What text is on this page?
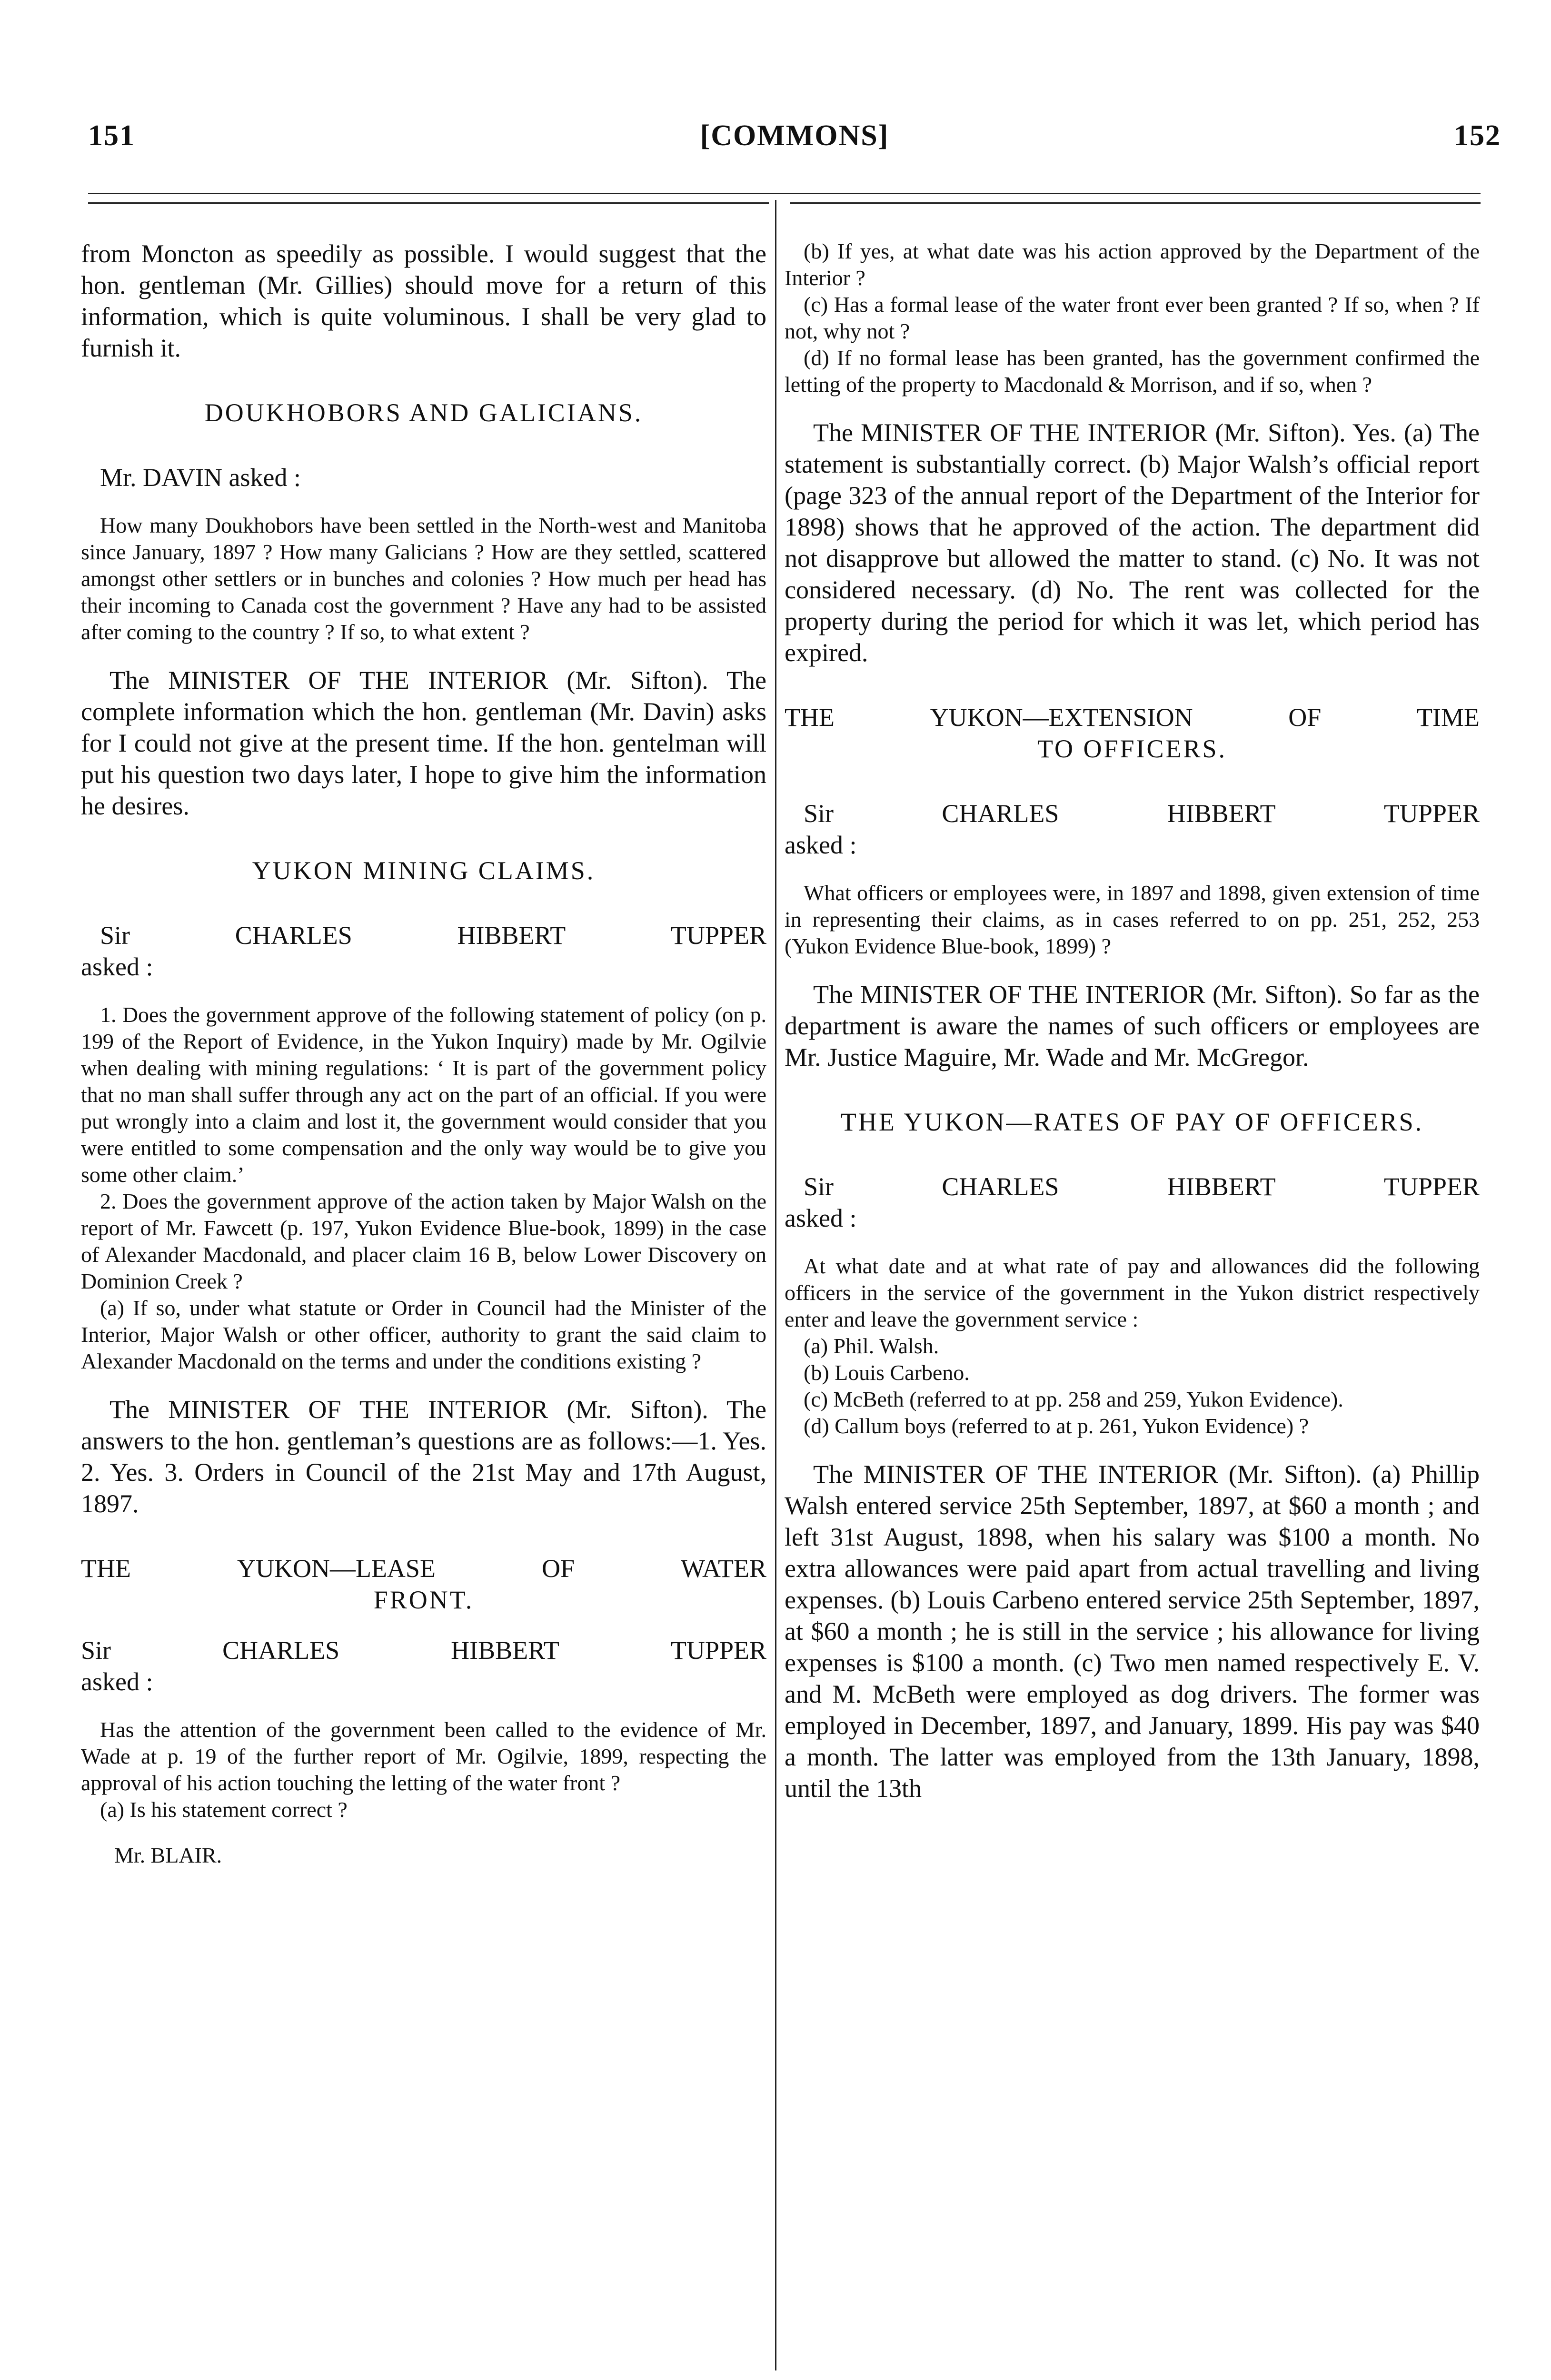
151	[COMMONS]	152

from Moncton as speedily as possible. I would suggest that the hon. gentleman (Mr. Gillies) should move for a return of this information, which is quite voluminous. I shall be very glad to furnish it.

DOUKHOBORS AND GALICIANS.

Mr. DAVIN asked :

How many Doukhobors have been settled in the North-west and Manitoba since January, 1897 ? How many Galicians ? How are they settled, scattered amongst other settlers or in bunches and colonies ? How much per head has their incoming to Canada cost the government ? Have any had to be assisted after coming to the country ? If so, to what extent ?

The MINISTER OF THE INTERIOR (Mr. Sifton). The complete information which the hon. gentleman (Mr. Davin) asks for I could not give at the present time. If the hon. gentelman will put his question two days later, I hope to give him the information he desires.

YUKON MINING CLAIMS.

Sir	CHARLES	HIBBERT	TUPPER

asked :

1. Does the government approve of the following statement of policy (on p. 199 of the Report of Evidence, in the Yukon Inquiry) made by Mr. Ogilvie when dealing with mining regulations: ‘ It is part of the government policy that no man shall suffer through any act on the part of an official. If you were put wrongly into a claim and lost it, the government would consider that you were entitled to some compensation and the only way would be to give you some other claim.’

2. Does the government approve of the action taken by Major Walsh on the report of Mr. Fawcett (p. 197, Yukon Evidence Blue-book, 1899) in the case of Alexander Macdonald, and placer claim 16 B, below Lower Discovery on Dominion Creek ?

(a) If so, under what statute or Order in Council had the Minister of the Interior, Major Walsh or other officer, authority to grant the said claim to Alexander Macdonald on the terms and under the conditions existing ?

The MINISTER OF THE INTERIOR (Mr. Sifton). The answers to the hon. gentleman’s questions are as follows:—1. Yes. 2. Yes. 3. Orders in Council of the 21st May and 17th August, 1897.

THE	YUKON—LEASE	OF	WATER

FRONT.

Sir	CHARLES	HIBBERT	TUPPER

asked :

Has the attention of the government been called to the evidence of Mr. Wade at p. 19 of the further report of Mr. Ogilvie, 1899, respecting the approval of his action touching the letting of the water front ?

(a) Is his statement correct ?

Mr. BLAIR.

(b) If yes, at what date was his action approved by the Department of the Interior ?

(c) Has a formal lease of the water front ever been granted ? If so, when ? If not, why not ?

(d) If no formal lease has been granted, has the government confirmed the letting of the property to Macdonald & Morrison, and if so, when ?

The MINISTER OF THE INTERIOR (Mr. Sifton). Yes. (a) The statement is substantially correct. (b) Major Walsh’s official report (page 323 of the annual report of the Department of the Interior for 1898) shows that he approved of the action. The department did not disapprove but allowed the matter to stand. (c) No. It was not considered necessary. (d) No. The rent was collected for the property during the period for which it was let, which period has expired.

THE	YUKON—EXTENSION	OF	TIME

TO OFFICERS.

Sir	CHARLES	HIBBERT	TUPPER

asked :

What officers or employees were, in 1897 and 1898, given extension of time in representing their claims, as in cases referred to on pp. 251, 252, 253 (Yukon Evidence Blue-book, 1899) ?

The MINISTER OF THE INTERIOR (Mr. Sifton). So far as the department is aware the names of such officers or employees are Mr. Justice Maguire, Mr. Wade and Mr. McGregor.

THE YUKON—RATES OF PAY OF OFFICERS.

Sir	CHARLES	HIBBERT	TUPPER

asked :

At what date and at what rate of pay and allowances did the following officers in the service of the government in the Yukon district respectively enter and leave the government service :

(a) Phil. Walsh.

(b) Louis Carbeno.

(c) McBeth (referred to at pp. 258 and 259, Yukon Evidence).

(d) Callum boys (referred to at p. 261, Yukon Evidence) ?

The MINISTER OF THE INTERIOR (Mr. Sifton). (a) Phillip Walsh entered service 25th September, 1897, at $60 a month ; and left 31st August, 1898, when his salary was $100 a month. No extra allowances were paid apart from actual travelling and living expenses. (b) Louis Carbeno entered service 25th September, 1897, at $60 a month ; he is still in the service ; his allowance for living expenses is $100 a month. (c) Two men named respectively E. V. and M. McBeth were employed as dog drivers. The former was employed in December, 1897, and January, 1899. His pay was $40 a month. The latter was employed from the 13th January, 1898, until the 13th
